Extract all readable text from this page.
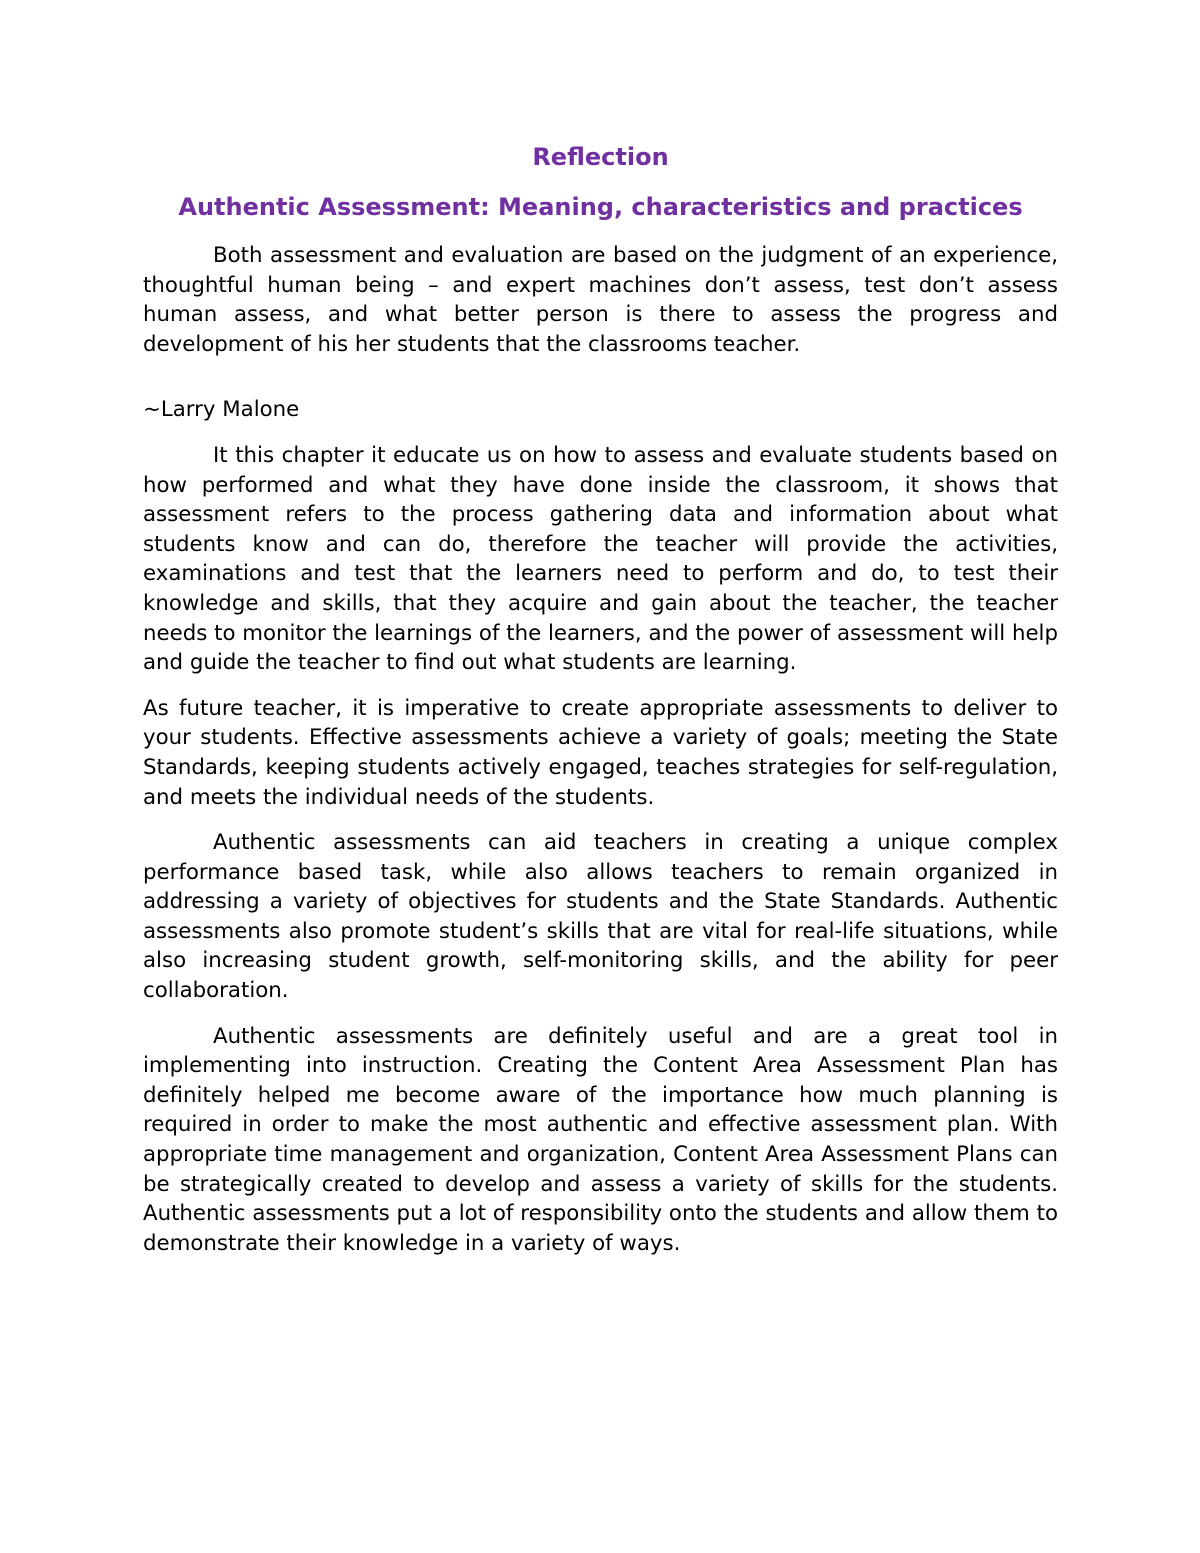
Reflection
Authentic Assessment: Meaning, characteristics and practices

Both assessment and evaluation are based on the judgment of an experience, thoughtful human being – and expert machines don’t assess, test don’t assess human assess, and what better person is there to assess the progress and development of his her students that the classrooms teacher.

~Larry Malone

It this chapter it educate us on how to assess and evaluate students based on how performed and what they have done inside the classroom, it shows that assessment refers to the process gathering data and information about what students know and can do, therefore the teacher will provide the activities, examinations and test that the learners need to perform and do, to test their knowledge and skills, that they acquire and gain about the teacher, the teacher needs to monitor the learnings of the learners, and the power of assessment will help and guide the teacher to find out what students are learning.

As future teacher, it is imperative to create appropriate assessments to deliver to your students. Effective assessments achieve a variety of goals; meeting the State Standards, keeping students actively engaged, teaches strategies for self-regulation, and meets the individual needs of the students.

Authentic assessments can aid teachers in creating a unique complex performance based task, while also allows teachers to remain organized in addressing a variety of objectives for students and the State Standards. Authentic assessments also promote student’s skills that are vital for real-life situations, while also increasing student growth, self-monitoring skills, and the ability for peer collaboration.

Authentic assessments are definitely useful and are a great tool in implementing into instruction. Creating the Content Area Assessment Plan has definitely helped me become aware of the importance how much planning is required in order to make the most authentic and effective assessment plan. With appropriate time management and organization, Content Area Assessment Plans can be strategically created to develop and assess a variety of skills for the students. Authentic assessments put a lot of responsibility onto the students and allow them to demonstrate their knowledge in a variety of ways.
